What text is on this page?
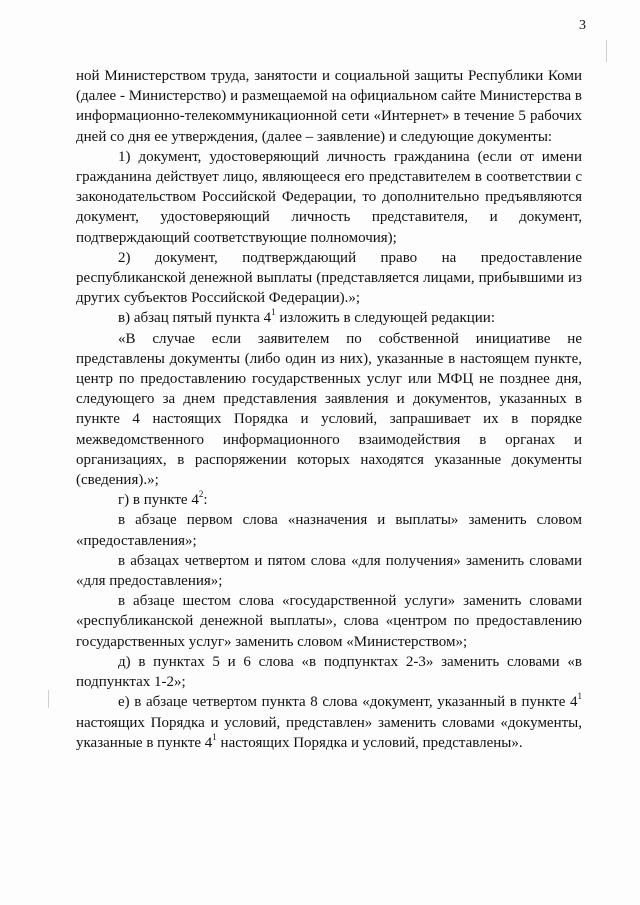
3

ной Министерством труда, занятости и социальной защиты Республики Коми (далее - Министерство) и размещаемой на официальном сайте Министерства в информационно-телекоммуникационной сети «Интернет» в течение 5 рабочих дней со дня ее утверждения, (далее – заявление) и следующие документы:

1) документ, удостоверяющий личность гражданина (если от имени гражданина действует лицо, являющееся его представителем в соответствии с законодательством Российской Федерации, то дополнительно предъявляются документ, удостоверяющий личность представителя, и документ, подтверждающий соответствующие полномочия);

2) документ, подтверждающий право на предоставление республиканской денежной выплаты (представляется лицами, прибывшими из других субъектов Российской Федерации).»;

в) абзац пятый пункта $4^1$ изложить в следующей редакции:

«В случае если заявителем по собственной инициативе не представлены документы (либо один из них), указанные в настоящем пункте, центр по предоставлению государственных услуг или МФЦ не позднее дня, следующего за днем представления заявления и документов, указанных в пункте 4 настоящих Порядка и условий, запрашивает их в порядке межведомственного информационного взаимодействия в органах и организациях, в распоряжении которых находятся указанные документы (сведения).»;

г) в пункте $4^2$:

в абзаце первом слова «назначения и выплаты» заменить словом «предоставления»;

в абзацах четвертом и пятом слова «для получения» заменить словами «для предоставления»;

в абзаце шестом слова «государственной услуги» заменить словами «республиканской денежной выплаты», слова «центром по предоставлению государственных услуг» заменить словом «Министерством»;

д) в пунктах 5 и 6 слова «в подпунктах 2-3» заменить словами «в подпунктах 1-2»;

е) в абзаце четвертом пункта 8 слова «документ, указанный в пункте $4^1$ настоящих Порядка и условий, представлен» заменить словами «документы, указанные в пункте $4^1$ настоящих Порядка и условий, представлены».
